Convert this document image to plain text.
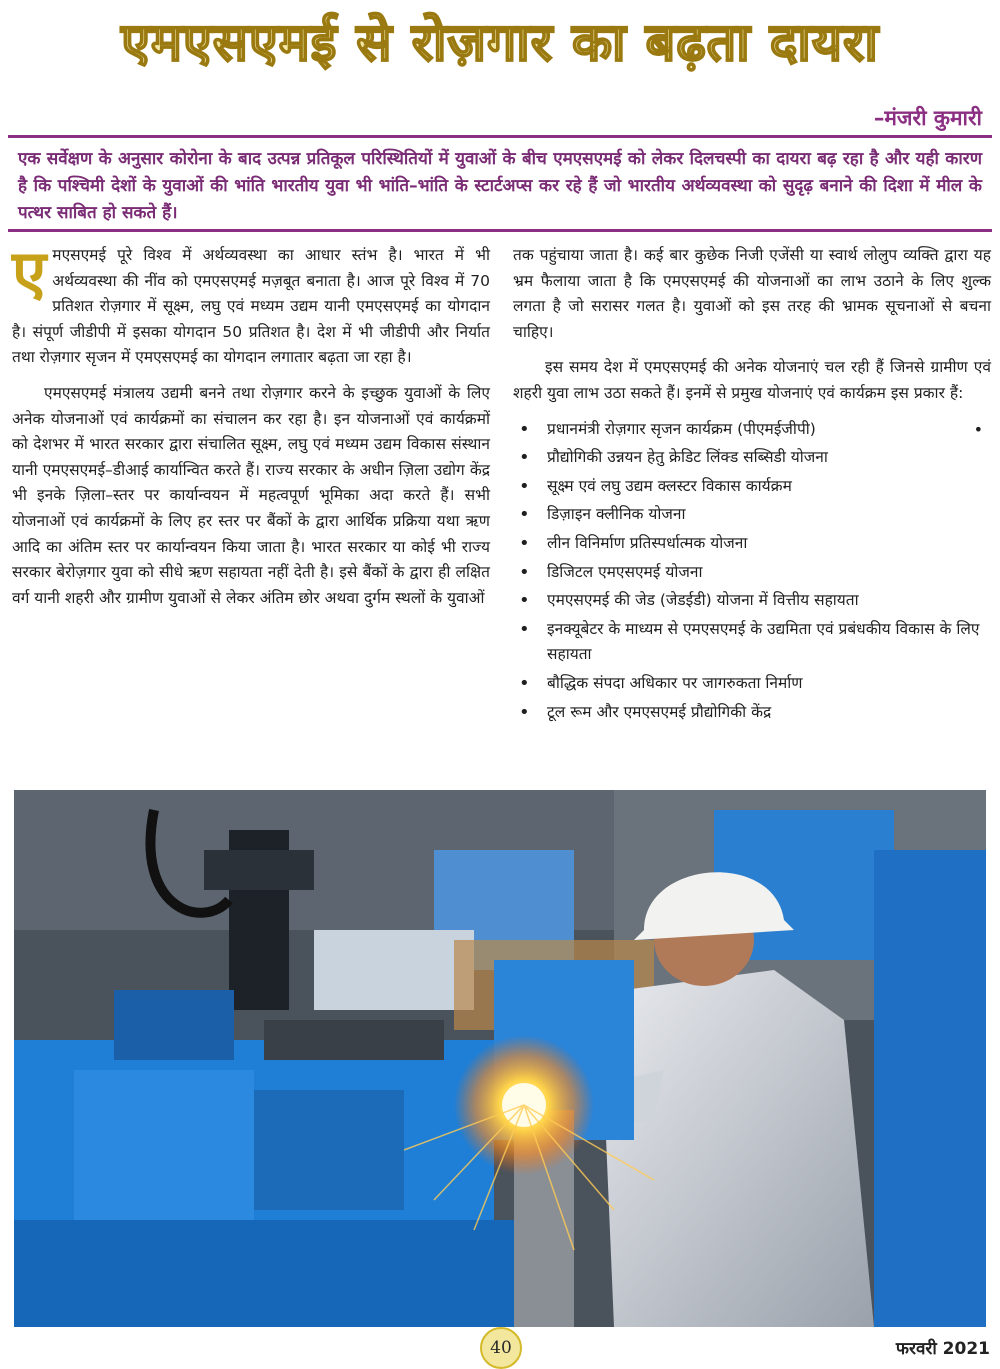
एमएसएमई से रोज़गार का बढ़ता दायरा
–मंजरी कुमारी
एक सर्वेक्षण के अनुसार कोरोना के बाद उत्पन्न प्रतिकूल परिस्थितियों में युवाओं के बीच एमएसएमई को लेकर दिलचस्पी का दायरा बढ़ रहा है और यही कारण है कि पश्चिमी देशों के युवाओं की भांति भारतीय युवा भी भांति–भांति के स्टार्टअप्स कर रहे हैं जो भारतीय अर्थव्यवस्था को सुदृढ़ बनाने की दिशा में मील के पत्थर साबित हो सकते हैं।

एमएसएमई पूरे विश्व में अर्थव्यवस्था का आधार स्तंभ है। भारत में भी अर्थव्यवस्था की नींव को एमएसएमई मज़बूत बनाता है। आज पूरे विश्व में 70 प्रतिशत रोज़गार में सूक्ष्म, लघु एवं मध्यम उद्यम यानी एमएसएमई का योगदान है। संपूर्ण जीडीपी में इसका योगदान 50 प्रतिशत है। देश में भी जीडीपी और निर्यात तथा रोज़गार सृजन में एमएसएमई का योगदान लगातार बढ़ता जा रहा है।

एमएसएमई मंत्रालय उद्यमी बनने तथा रोज़गार करने के इच्छुक युवाओं के लिए अनेक योजनाओं एवं कार्यक्रमों का संचालन कर रहा है। इन योजनाओं एवं कार्यक्रमों को देशभर में भारत सरकार द्वारा संचालित सूक्ष्म, लघु एवं मध्यम उद्यम विकास संस्थान यानी एमएसएमई–डीआई कार्यान्वित करते हैं। राज्य सरकार के अधीन ज़िला उद्योग केंद्र भी इनके ज़िला–स्तर पर कार्यान्वयन में महत्वपूर्ण भूमिका अदा करते हैं। सभी योजनाओं एवं कार्यक्रमों के लिए हर स्तर पर बैंकों के द्वारा आर्थिक प्रक्रिया यथा ऋण आदि का अंतिम स्तर पर कार्यान्वयन किया जाता है। भारत सरकार या कोई भी राज्य सरकार बेरोज़गार युवा को सीधे ऋण सहायता नहीं देती है। इसे बैंकों के द्वारा ही लक्षित वर्ग यानी शहरी और ग्रामीण युवाओं से लेकर अंतिम छोर अथवा दुर्गम स्थलों के युवाओं

तक पहुंचाया जाता है। कई बार कुछेक निजी एजेंसी या स्वार्थ लोलुप व्यक्ति द्वारा यह भ्रम फैलाया जाता है कि एमएसएमई की योजनाओं का लाभ उठाने के लिए शुल्क लगता है जो सरासर गलत है। युवाओं को इस तरह की भ्रामक सूचनाओं से बचना चाहिए।

इस समय देश में एमएसएमई की अनेक योजनाएं चल रही हैं जिनसे ग्रामीण एवं शहरी युवा लाभ उठा सकते हैं। इनमें से प्रमुख योजनाएं एवं कार्यक्रम इस प्रकार हैं:

• प्रधानमंत्री रोज़गार सृजन कार्यक्रम (पीएमईजीपी)	•
• प्रौद्योगिकी उन्नयन हेतु क्रेडिट लिंक्ड सब्सिडी योजना
• सूक्ष्म एवं लघु उद्यम क्लस्टर विकास कार्यक्रम
• डिज़ाइन क्लीनिक योजना
• लीन विनिर्माण प्रतिस्पर्धात्मक योजना
• डिजिटल एमएसएमई योजना
• एमएसएमई की जेड (जेडईडी) योजना में वित्तीय सहायता
• इनक्यूबेटर के माध्यम से एमएसएमई के उद्यमिता एवं प्रबंधकीय विकास के लिए सहायता
• बौद्धिक संपदा अधिकार पर जागरुकता निर्माण
• टूल रूम और एमएसएमई प्रौद्योगिकी केंद्र
40	फरवरी 2021
